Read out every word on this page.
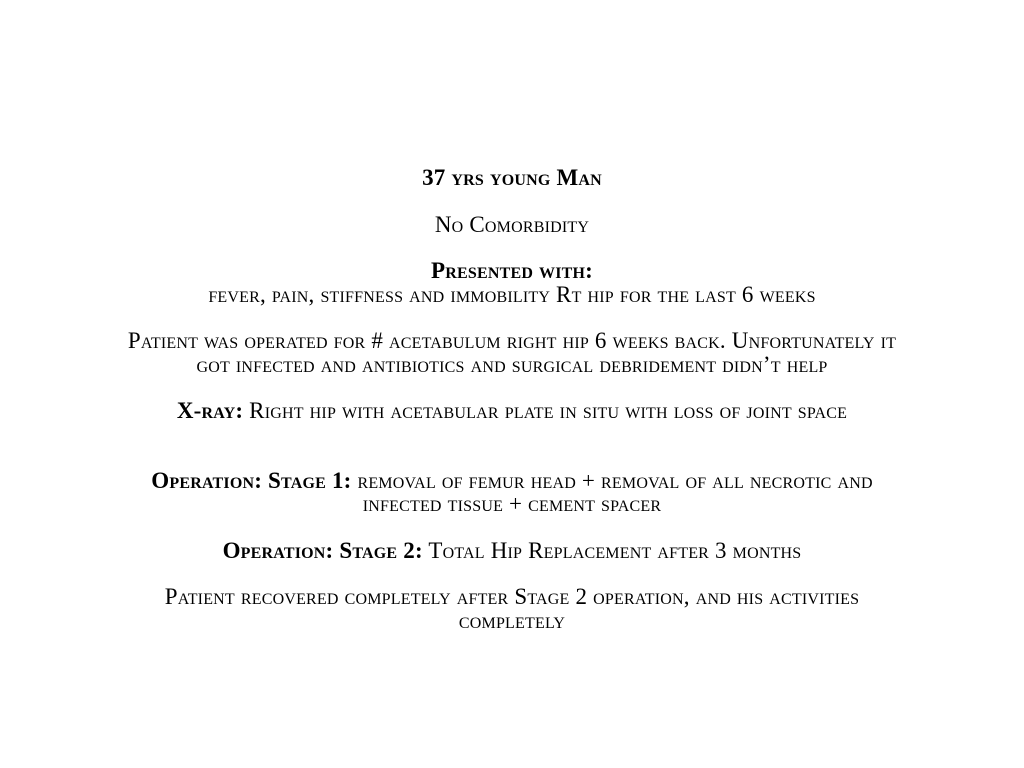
37 yrs young Man

No Comorbidity

Presented with:

fever, pain, stiffness and immobility Rt hip for the last 6 weeks

Patient was operated for # acetabulum right hip 6 weeks back. Unfortunately it

got infected and antibiotics and surgical debridement didn’t help

X-ray: Right hip with acetabular plate in situ with loss of joint space

Operation: Stage 1: removal of femur head + removal of all necrotic and

infected tissue + cement spacer

Operation: Stage 2: Total Hip Replacement after 3 months

Patient recovered completely after Stage 2 operation, and his activities

completely
